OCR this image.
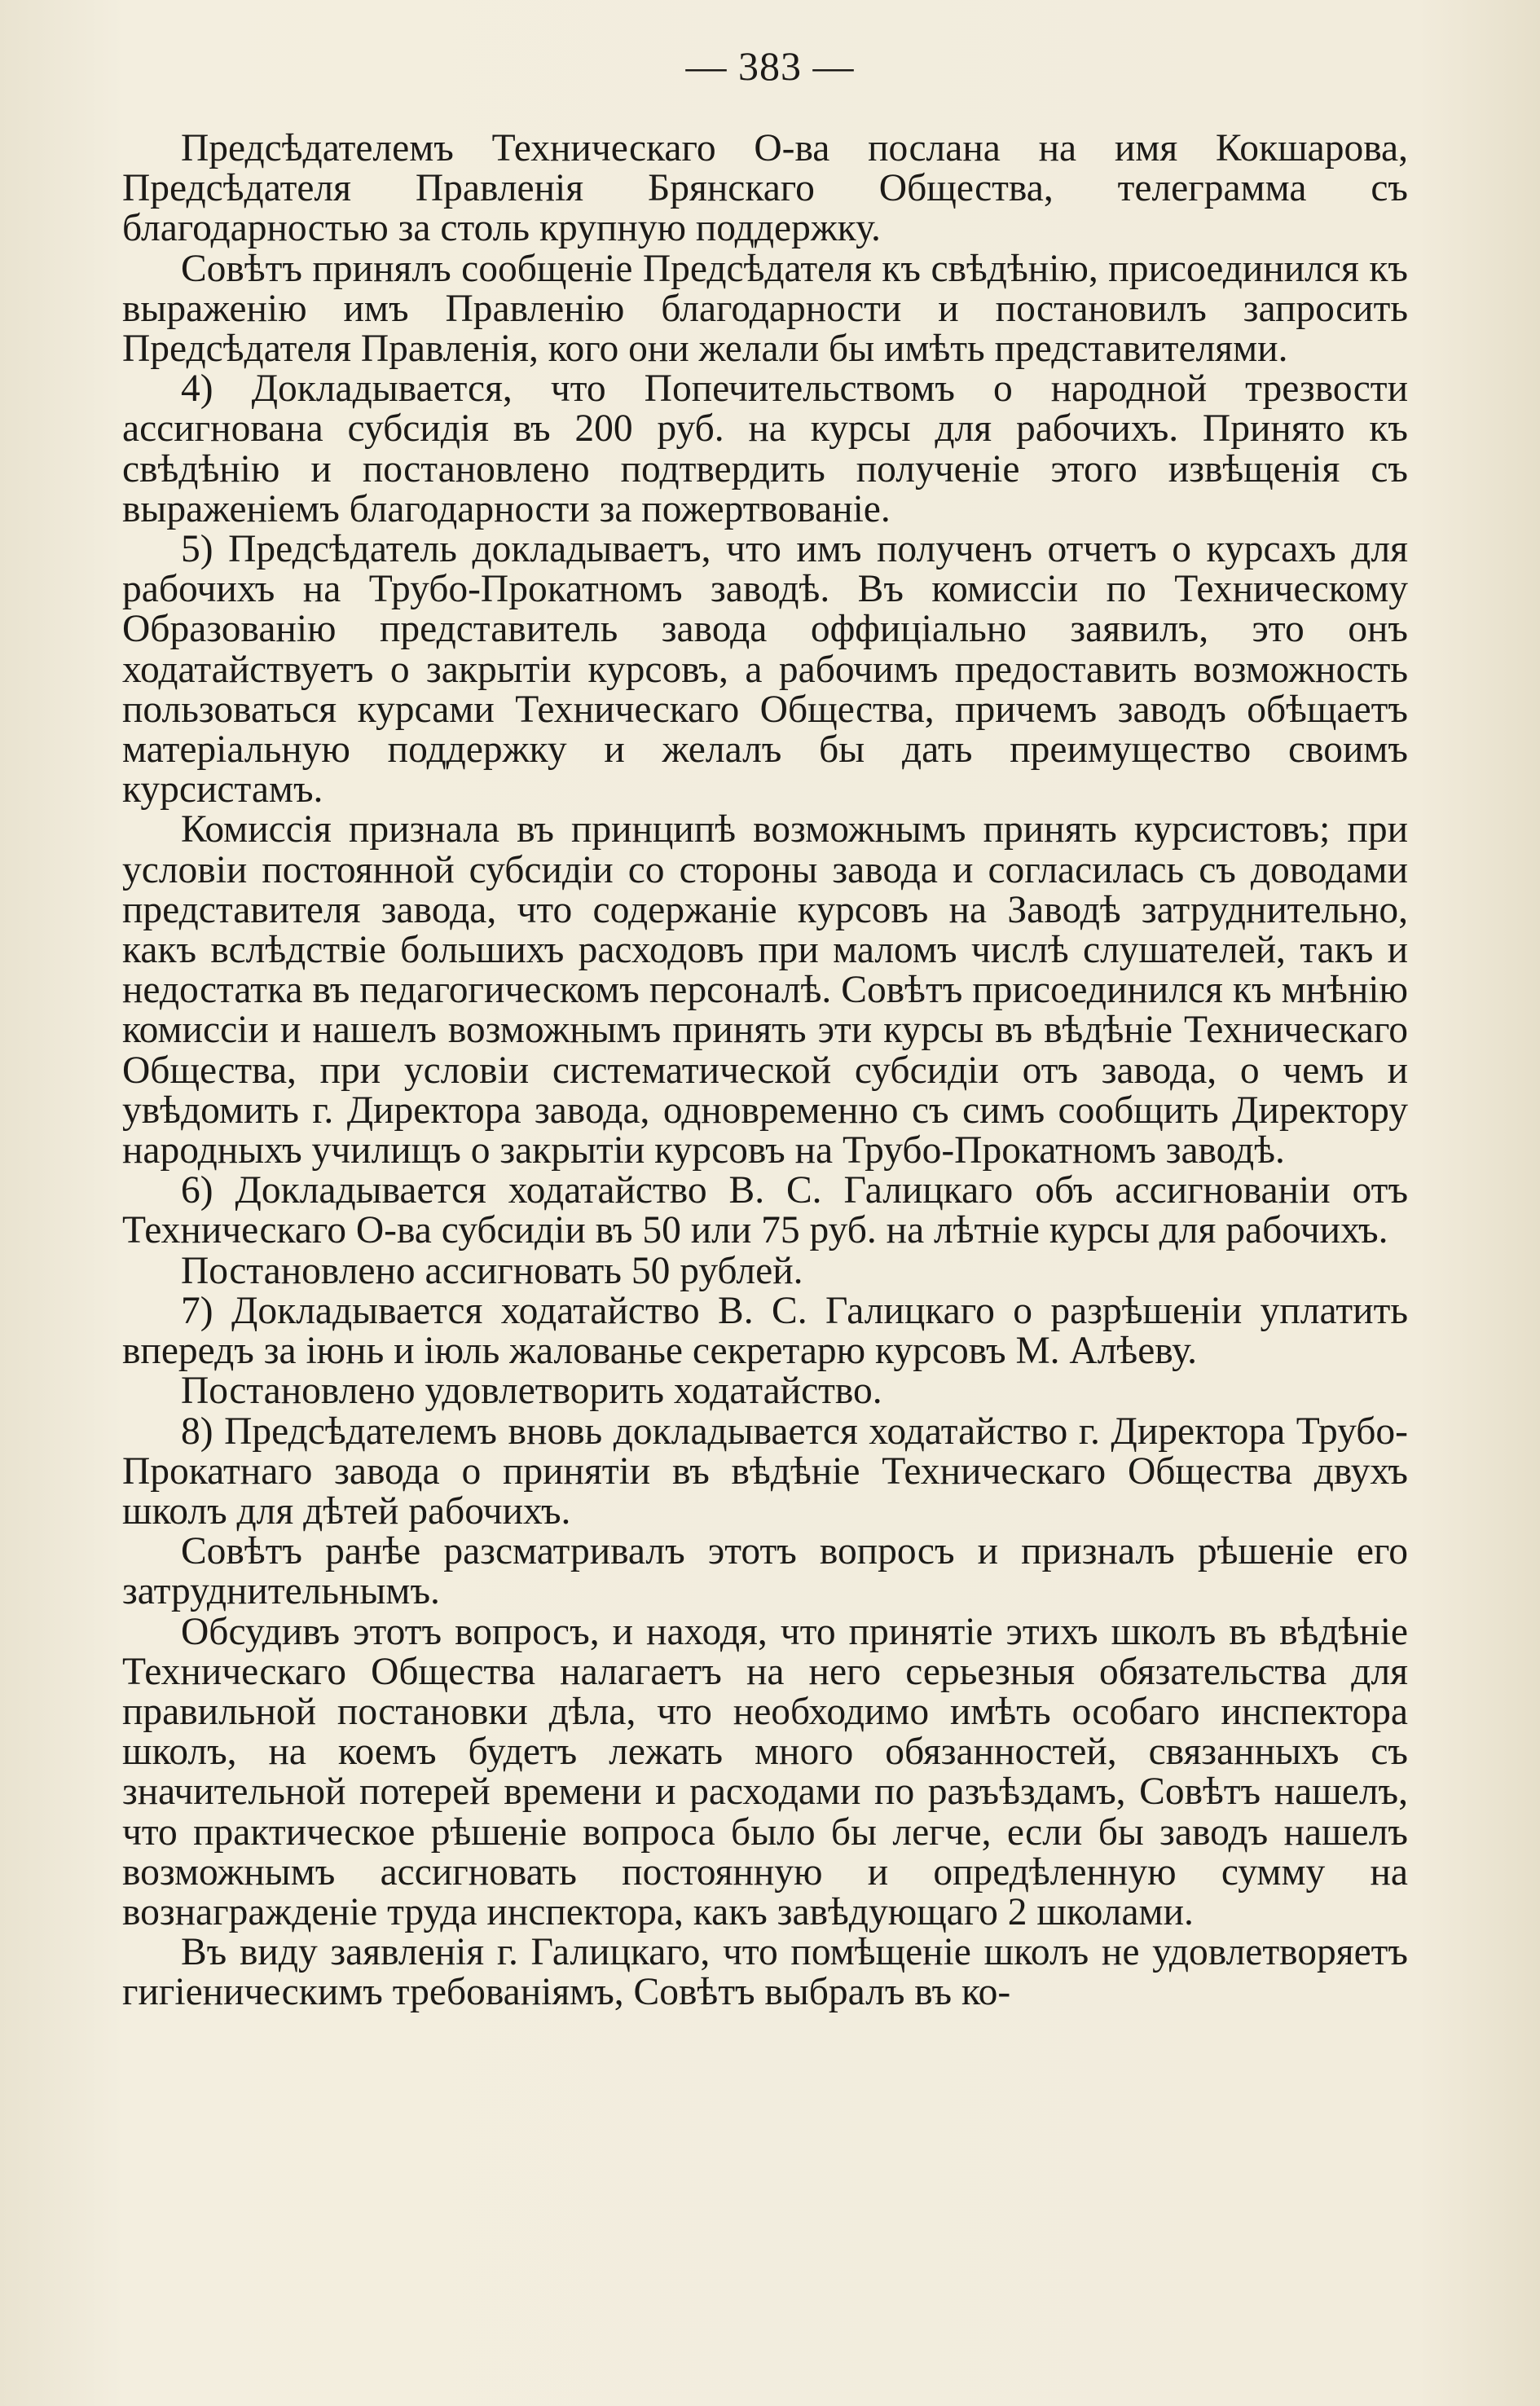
— 383 —

Предсѣдателемъ Техническаго О-ва послана на имя Кокшарова, Предсѣдателя Правленія Брянскаго Общества, телеграмма съ благодарностью за столь крупную поддержку.

Совѣтъ принялъ сообщеніе Предсѣдателя къ свѣдѣнію, присоединился къ выраженію имъ Правленію благодарности и постановилъ запросить Предсѣдателя Правленія, кого они желали бы имѣть представителями.

4) Докладывается, что Попечительствомъ о народной трезвости ассигнована субсидія въ 200 руб. на курсы для рабочихъ. Принято къ свѣдѣнію и постановлено подтвердить полученіе этого извѣщенія съ выраженіемъ благодарности за пожертвованіе.

5) Предсѣдатель докладываетъ, что имъ полученъ отчетъ о курсахъ для рабочихъ на Трубо-Прокатномъ заводѣ. Въ комиссіи по Техническому Образованію представитель завода оффиціально заявилъ, это онъ ходатайствуетъ о закрытіи курсовъ, а рабочимъ предоставить возможность пользоваться курсами Техническаго Общества, причемъ заводъ обѣщаетъ матеріальную поддержку и желалъ бы дать преимущество своимъ курсистамъ.

Комиссія признала въ принципѣ возможнымъ принять курсистовъ; при условіи постоянной субсидіи со стороны завода и согласилась съ доводами представителя завода, что содержаніе курсовъ на Заводѣ затруднительно, какъ вслѣдствіе большихъ расходовъ при маломъ числѣ слушателей, такъ и недостатка въ педагогическомъ персоналѣ. Совѣтъ присоединился къ мнѣнію комиссіи и нашелъ возможнымъ принять эти курсы въ вѣдѣніе Техническаго Общества, при условіи систематической субсидіи отъ завода, о чемъ и увѣдомить г. Директора завода, одновременно съ симъ сообщить Директору народныхъ училищъ о закрытіи курсовъ на Трубо-Прокатномъ заводѣ.

6) Докладывается ходатайство В. С. Галицкаго объ ассигнованіи отъ Техническаго О-ва субсидіи въ 50 или 75 руб. на лѣтніе курсы для рабочихъ.

Постановлено ассигновать 50 рублей.

7) Докладывается ходатайство В. С. Галицкаго о разрѣшеніи уплатить впередъ за іюнь и іюль жалованье секретарю курсовъ М. Алѣеву.

Постановлено удовлетворить ходатайство.

8) Предсѣдателемъ вновь докладывается ходатайство г. Директора Трубо-Прокатнаго завода о принятіи въ вѣдѣніе Техническаго Общества двухъ школъ для дѣтей рабочихъ.

Совѣтъ ранѣе разсматривалъ этотъ вопросъ и призналъ рѣшеніе его затруднительнымъ.

Обсудивъ этотъ вопросъ, и находя, что принятіе этихъ школъ въ вѣдѣніе Техническаго Общества налагаетъ на него серьезныя обязательства для правильной постановки дѣла, что необходимо имѣть особаго инспектора школъ, на коемъ будетъ лежать много обязанностей, связанныхъ съ значительной потерей времени и расходами по разъѣздамъ, Совѣтъ нашелъ, что практическое рѣшеніе вопроса было бы легче, если бы заводъ нашелъ возможнымъ ассигновать постоянную и опредѣленную сумму на вознагражденіе труда инспектора, какъ завѣдующаго 2 школами.

Въ виду заявленія г. Галицкаго, что помѣщеніе школъ не удовлетворяетъ гигіеническимъ требованіямъ, Совѣтъ выбралъ въ ко-
